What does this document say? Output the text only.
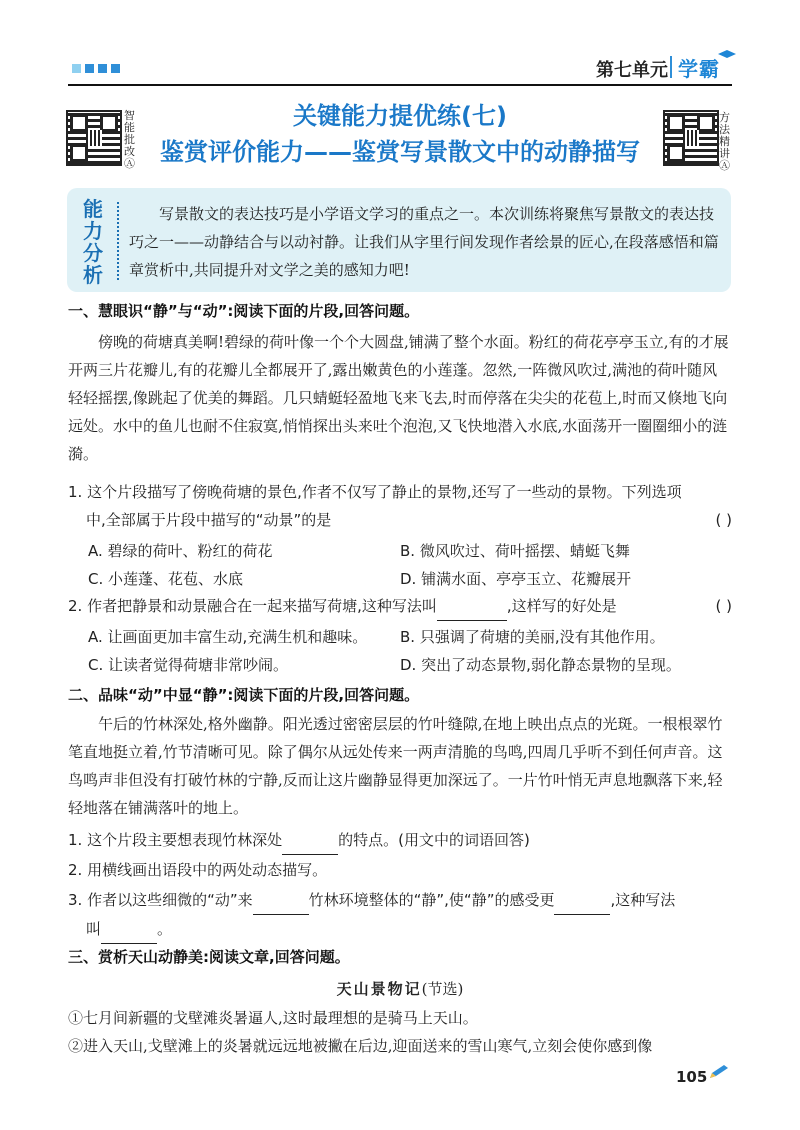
第七单元 学霸
智能批改Ⓐ
方法精讲Ⓐ
关键能力提优练(七)
鉴赏评价能力——鉴赏写景散文中的动静描写
能力分析
写景散文的表达技巧是小学语文学习的重点之一。本次训练将聚焦写景散文的表达技巧之一——动静结合与以动衬静。让我们从字里行间发现作者绘景的匠心,在段落感悟和篇章赏析中,共同提升对文学之美的感知力吧!
一、慧眼识“静”与“动”:阅读下面的片段,回答问题。
傍晚的荷塘真美啊!碧绿的荷叶像一个个大圆盘,铺满了整个水面。粉红的荷花亭亭玉立,有的才展开两三片花瓣儿,有的花瓣儿全都展开了,露出嫩黄色的小莲蓬。忽然,一阵微风吹过,满池的荷叶随风轻轻摇摆,像跳起了优美的舞蹈。几只蜻蜓轻盈地飞来飞去,时而停落在尖尖的花苞上,时而又倏地飞向远处。水中的鱼儿也耐不住寂寞,悄悄探出头来吐个泡泡,又飞快地潜入水底,水面荡开一圈圈细小的涟漪。
1. 这个片段描写了傍晚荷塘的景色,作者不仅写了静止的景物,还写了一些动的景物。下列选项
中,全部属于片段中描写的“动景”的是	( )
A. 碧绿的荷叶、粉红的荷花	B. 微风吹过、荷叶摇摆、蜻蜓飞舞
C. 小莲蓬、花苞、水底	D. 铺满水面、亭亭玉立、花瓣展开
2. 作者把静景和动景融合在一起来描写荷塘,这种写法叫	,这样写的好处是	( )
A. 让画面更加丰富生动,充满生机和趣味。 B. 只强调了荷塘的美丽,没有其他作用。
C. 让读者觉得荷塘非常吵闹。	D. 突出了动态景物,弱化静态景物的呈现。
二、品味“动”中显“静”:阅读下面的片段,回答问题。
午后的竹林深处,格外幽静。阳光透过密密层层的竹叶缝隙,在地上映出点点的光斑。一根根翠竹笔直地挺立着,竹节清晰可见。除了偶尔从远处传来一两声清脆的鸟鸣,四周几乎听不到任何声音。这鸟鸣声非但没有打破竹林的宁静,反而让这片幽静显得更加深远了。一片竹叶悄无声息地飘落下来,轻轻地落在铺满落叶的地上。
1. 这个片段主要想表现竹林深处	的特点。(用文中的词语回答)
2. 用横线画出语段中的两处动态描写。
3. 作者以这些细微的“动”来	竹林环境整体的“静”,使“静”的感受更	,这种写法
叫	。
三、赏析天山动静美:阅读文章,回答问题。
天山景物记(节选)
①七月间新疆的戈壁滩炎暑逼人,这时最理想的是骑马上天山。
②进入天山,戈壁滩上的炎暑就远远地被撇在后边,迎面送来的雪山寒气,立刻会使你感到像
105
